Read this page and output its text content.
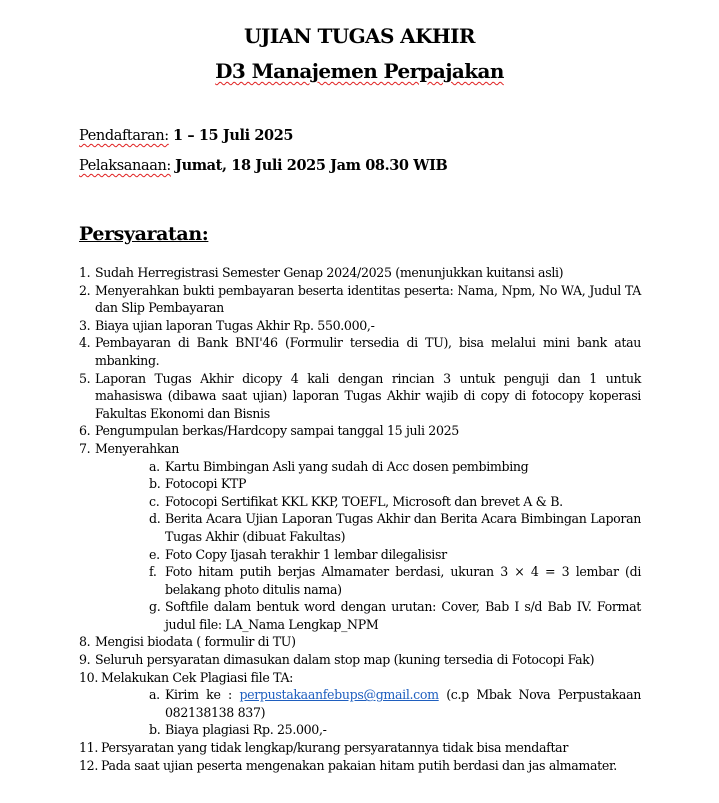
UJIAN TUGAS AKHIR
D3 Manajemen Perpajakan
Pendaftaran: 1 – 15 Juli 2025
Pelaksanaan: Jumat, 18 Juli 2025 Jam 08.30 WIB
Persyaratan:
1. Sudah Herregistrasi Semester Genap 2024/2025 (menunjukkan kuitansi asli)
2. Menyerahkan bukti pembayaran beserta identitas peserta: Nama, Npm, No WA, Judul TA dan Slip Pembayaran
3. Biaya ujian laporan Tugas Akhir Rp. 550.000,-
4. Pembayaran di Bank BNI'46 (Formulir tersedia di TU), bisa melalui mini bank atau mbanking.
5. Laporan Tugas Akhir dicopy 4 kali dengan rincian 3 untuk penguji dan 1 untuk mahasiswa (dibawa saat ujian) laporan Tugas Akhir wajib di copy di fotocopy koperasi Fakultas Ekonomi dan Bisnis
6. Pengumpulan berkas/Hardcopy sampai tanggal 15 juli 2025
7. Menyerahkan
a. Kartu Bimbingan Asli yang sudah di Acc dosen pembimbing
b. Fotocopi KTP
c. Fotocopi Sertifikat KKL KKP, TOEFL, Microsoft dan brevet A & B.
d. Berita Acara Ujian Laporan Tugas Akhir dan Berita Acara Bimbingan Laporan Tugas Akhir (dibuat Fakultas)
e. Foto Copy Ijasah terakhir 1 lembar dilegalisisr
f. Foto hitam putih berjas Almamater berdasi, ukuran 3 × 4 = 3 lembar (di belakang photo ditulis nama)
g. Softfile dalam bentuk word dengan urutan: Cover, Bab I s/d Bab IV. Format judul file: LA_Nama Lengkap_NPM
8. Mengisi biodata ( formulir di TU)
9. Seluruh persyaratan dimasukan dalam stop map (kuning tersedia di Fotocopi Fak)
10. Melakukan Cek Plagiasi file TA:
a. Kirim ke : perpustakaanfebups@gmail.com (c.p Mbak Nova Perpustakaan 082138138 837)
b. Biaya plagiasi Rp. 25.000,-
11. Persyaratan yang tidak lengkap/kurang persyaratannya tidak bisa mendaftar
12. Pada saat ujian peserta mengenakan pakaian hitam putih berdasi dan jas almamater.
